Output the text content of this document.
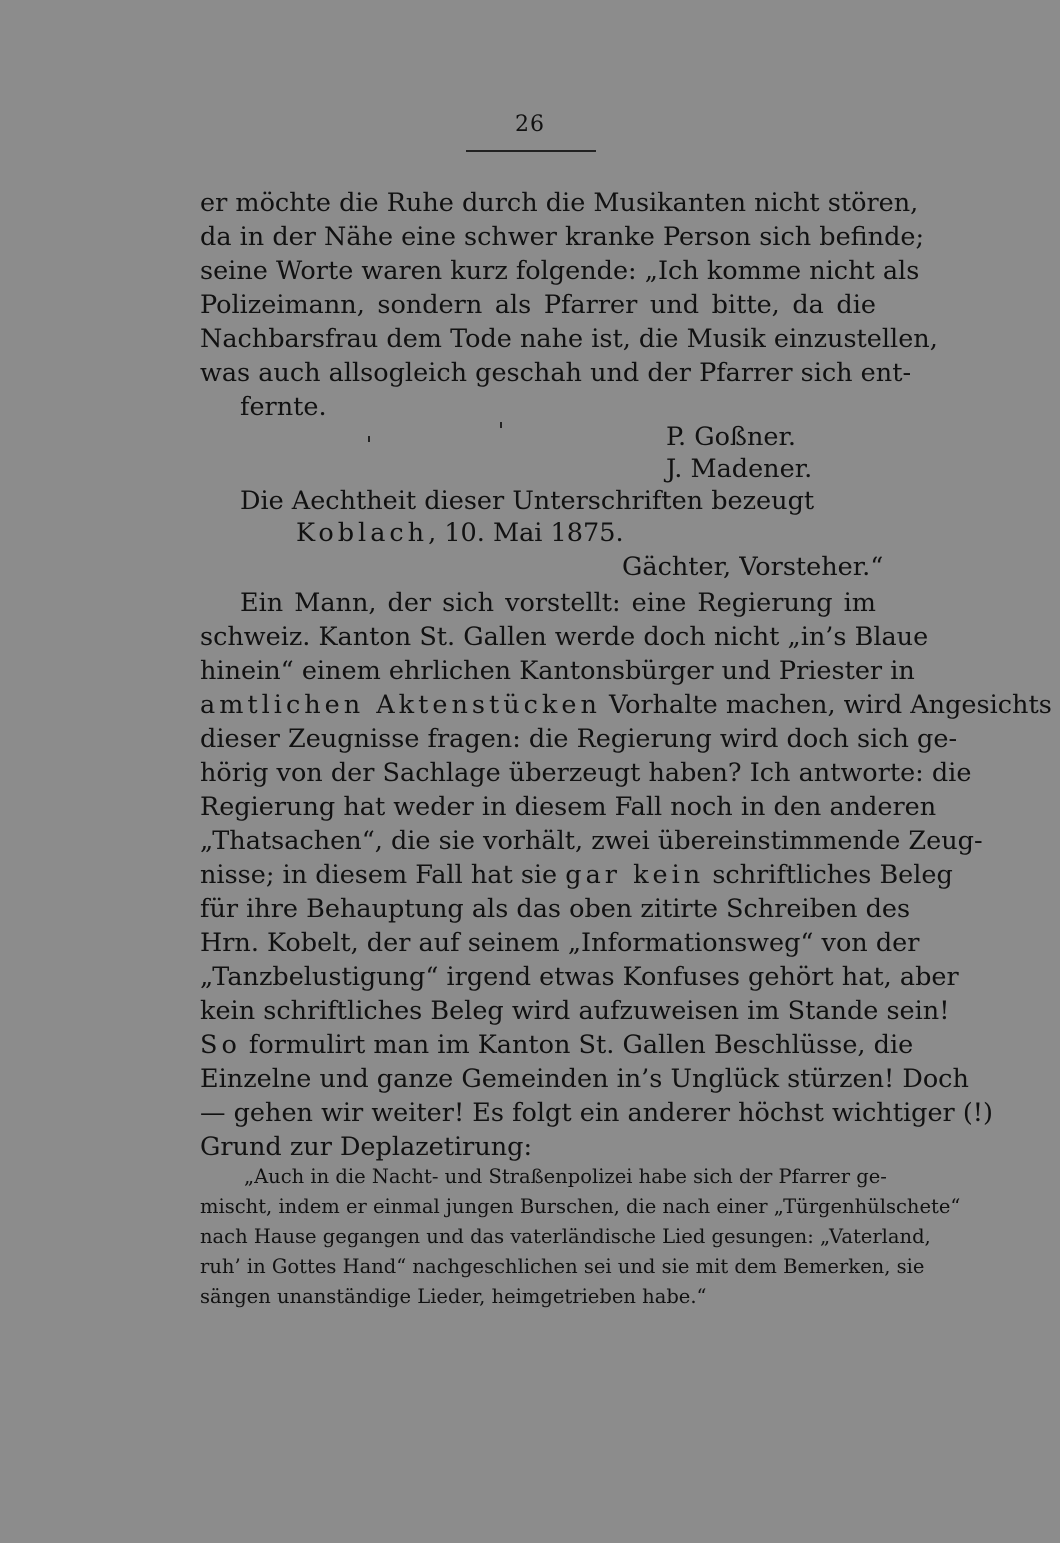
26
er möchte die Ruhe durch die Musikanten nicht stören,
da in der Nähe eine schwer kranke Person sich befinde;
seine Worte waren kurz folgende: „Ich komme nicht als
Polizeimann, sondern als Pfarrer und bitte, da die
Nachbarsfrau dem Tode nahe ist, die Musik einzustellen,
was auch allsogleich geschah und der Pfarrer sich ent-
fernte.
P. Goßner.
J. Madener.
Die Aechtheit dieser Unterschriften bezeugt
Koblach, 10. Mai 1875.
Gächter, Vorsteher.“
Ein Mann, der sich vorstellt: eine Regierung im
schweiz. Kanton St. Gallen werde doch nicht „in’s Blaue
hinein“ einem ehrlichen Kantonsbürger und Priester in
amtlichen Aktenstücken Vorhalte machen, wird Angesichts
dieser Zeugnisse fragen: die Regierung wird doch sich ge-
hörig von der Sachlage überzeugt haben? Ich antworte: die
Regierung hat weder in diesem Fall noch in den anderen
„Thatsachen“, die sie vorhält, zwei übereinstimmende Zeug-
nisse; in diesem Fall hat sie gar kein schriftliches Beleg
für ihre Behauptung als das oben zitirte Schreiben des
Hrn. Kobelt, der auf seinem „Informationsweg“ von der
„Tanzbelustigung“ irgend etwas Konfuses gehört hat, aber
kein schriftliches Beleg wird aufzuweisen im Stande sein!
So formulirt man im Kanton St. Gallen Beschlüsse, die
Einzelne und ganze Gemeinden in’s Unglück stürzen! Doch
— gehen wir weiter! Es folgt ein anderer höchst wichtiger (!)
Grund zur Deplazetirung:
„Auch in die Nacht- und Straßenpolizei habe sich der Pfarrer ge-
mischt, indem er einmal jungen Burschen, die nach einer „Türgenhülschete“
nach Hause gegangen und das vaterländische Lied gesungen: „Vaterland,
ruh’ in Gottes Hand“ nachgeschlichen sei und sie mit dem Bemerken, sie
sängen unanständige Lieder, heimgetrieben habe.“
